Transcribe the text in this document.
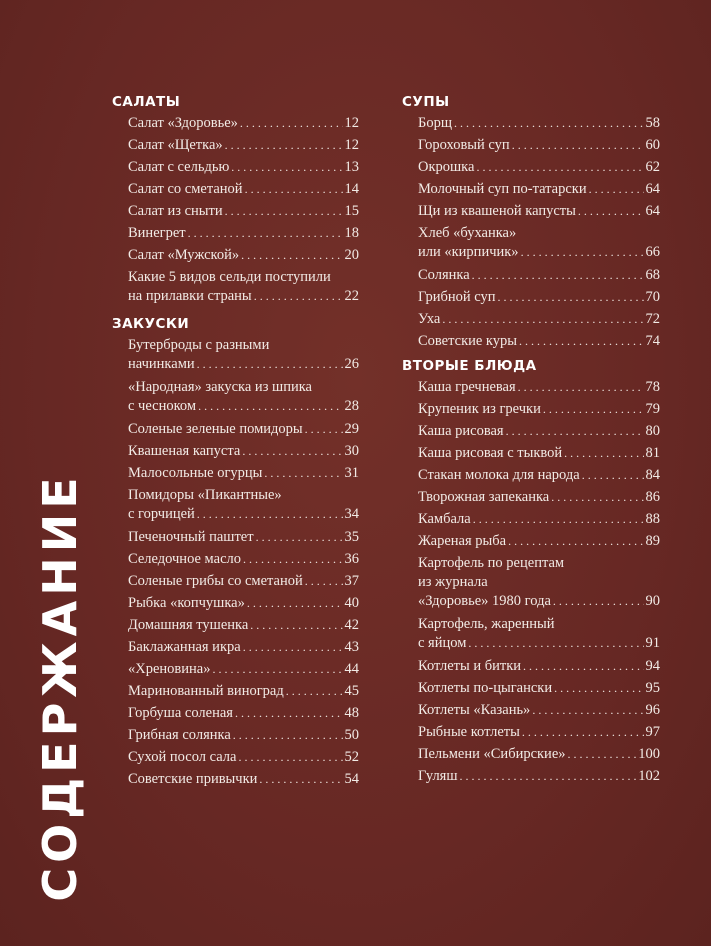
СОДЕРЖАНИЕ
САЛАТЫ
Салат «Здоровье» . . .	12
Салат «Щетка» . . .	12
Салат с сельдью . . .	13
Салат со сметаной . . .	14
Салат из сныти . . .	15
Винегрет . . .	18
Салат «Мужской» . . .	20
Какие 5 видов сельди поступили
на прилавки страны . . .	22
ЗАКУСКИ
Бутерброды с разными
начинками . . .	26
«Народная» закуска из шпика
с чесноком . . .	28
Соленые зеленые помидоры . . .	29
Квашеная капуста . . .	30
Малосольные огурцы . . .	31
Помидоры «Пикантные»
с горчицей . . .	34
Печеночный паштет . . .	35
Селедочное масло . . .	36
Соленые грибы со сметаной . . .	37
Рыбка «копчушка» . . .	40
Домашняя тушенка . . .	42
Баклажанная икра . . .	43
«Хреновина» . . .	44
Маринованный виноград . . .	45
Горбуша соленая . . .	48
Грибная солянка . . .	50
Сухой посол сала . . .	52
Советские привычки . . .	54
СУПЫ
Борщ . . .	58
Гороховый суп . . .	60
Окрошка . . .	62
Молочный суп по-татарски . . .	64
Щи из квашеной капусты . . .	64
Хлеб «буханка»
или «кирпичик» . . .	66
Солянка . . .	68
Грибной суп . . .	70
Уха . . .	72
Советские куры . . .	74
ВТОРЫЕ БЛЮДА
Каша гречневая . . .	78
Крупеник из гречки . . .	79
Каша рисовая . . .	80
Каша рисовая с тыквой . . .	81
Стакан молока для народа . . .	84
Творожная запеканка . . .	86
Камбала . . .	88
Жареная рыба . . .	89
Картофель по рецептам
из журнала
«Здоровье» 1980 года . . .	90
Картофель, жаренный
с яйцом . . .	91
Котлеты и битки . . .	94
Котлеты по-цыгански . . .	95
Котлеты «Казань» . . .	96
Рыбные котлеты . . .	97
Пельмени «Сибирские» . . .	100
Гуляш . . .	102
